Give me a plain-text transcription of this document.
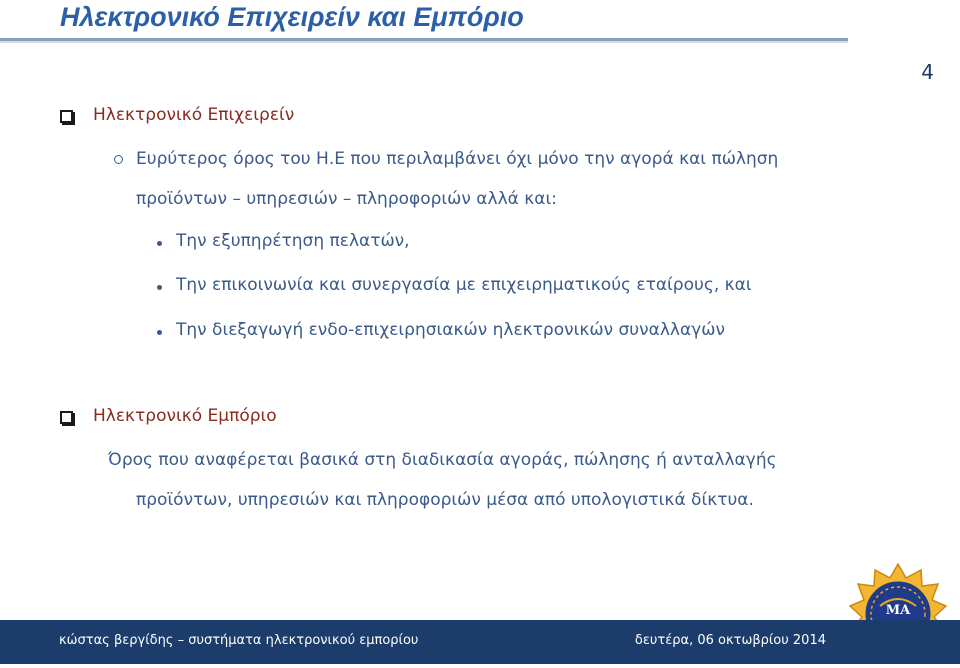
Ηλεκτρονικό Επιχειρείν και Εμπόριο
4
Ηλεκτρονικό Επιχειρείν
Ευρύτερος όρος του Η.Ε που περιλαμβάνει όχι μόνο την αγορά και πώληση
προϊόντων – υπηρεσιών – πληροφοριών αλλά και:
Την εξυπηρέτηση πελατών,
Την επικοινωνία και συνεργασία με επιχειρηματικούς εταίρους, και
Την διεξαγωγή ενδο-επιχειρησιακών ηλεκτρονικών συναλλαγών
Ηλεκτρονικό Εμπόριο
Όρος που αναφέρεται βασικά στη διαδικασία αγοράς, πώλησης ή ανταλλαγής
προϊόντων, υπηρεσιών και πληροφοριών μέσα από υπολογιστικά δίκτυα.
ΜΑ
κώστας βεργίδης – συστήματα ηλεκτρονικού εμπορίου	δευτέρα, 06 οκτωβρίου 2014
